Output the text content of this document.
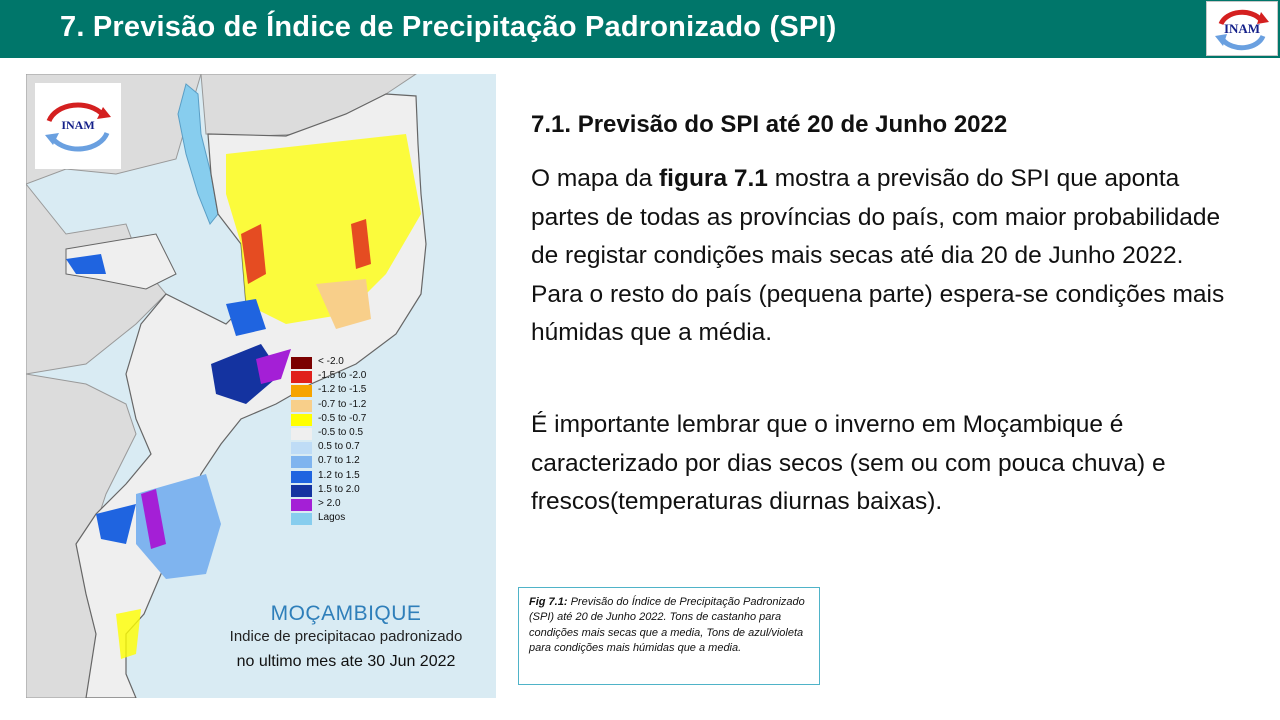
7. Previsão de Índice de Precipitação Padronizado (SPI)	INAM
INAM
< -2.0
-1.5 to -2.0
-1.2 to -1.5
-0.7 to -1.2
-0.5 to -0.7
-0.5 to 0.5
0.5 to 0.7
0.7 to 1.2
1.2 to 1.5
1.5 to 2.0
> 2.0
Lagos
MOÇAMBIQUE
Indice de precipitacao padronizado
no ultimo mes ate 30 Jun 2022
7.1. Previsão do SPI até 20 de Junho 2022
O mapa da figura 7.1 mostra a previsão do SPI que aponta partes de todas as províncias do país, com maior probabilidade de registar condições mais secas até dia 20 de Junho 2022. Para o resto do país (pequena parte) espera-se condições mais húmidas que a média.
É importante lembrar que o inverno em Moçambique é caracterizado por dias secos (sem ou com pouca chuva) e frescos(temperaturas diurnas baixas).
Fig 7.1: Previsão do Índice de Precipitação Padronizado (SPI) até 20 de Junho 2022. Tons de castanho para condições mais secas que a media, Tons de azul/violeta para condições mais húmidas que a media.
